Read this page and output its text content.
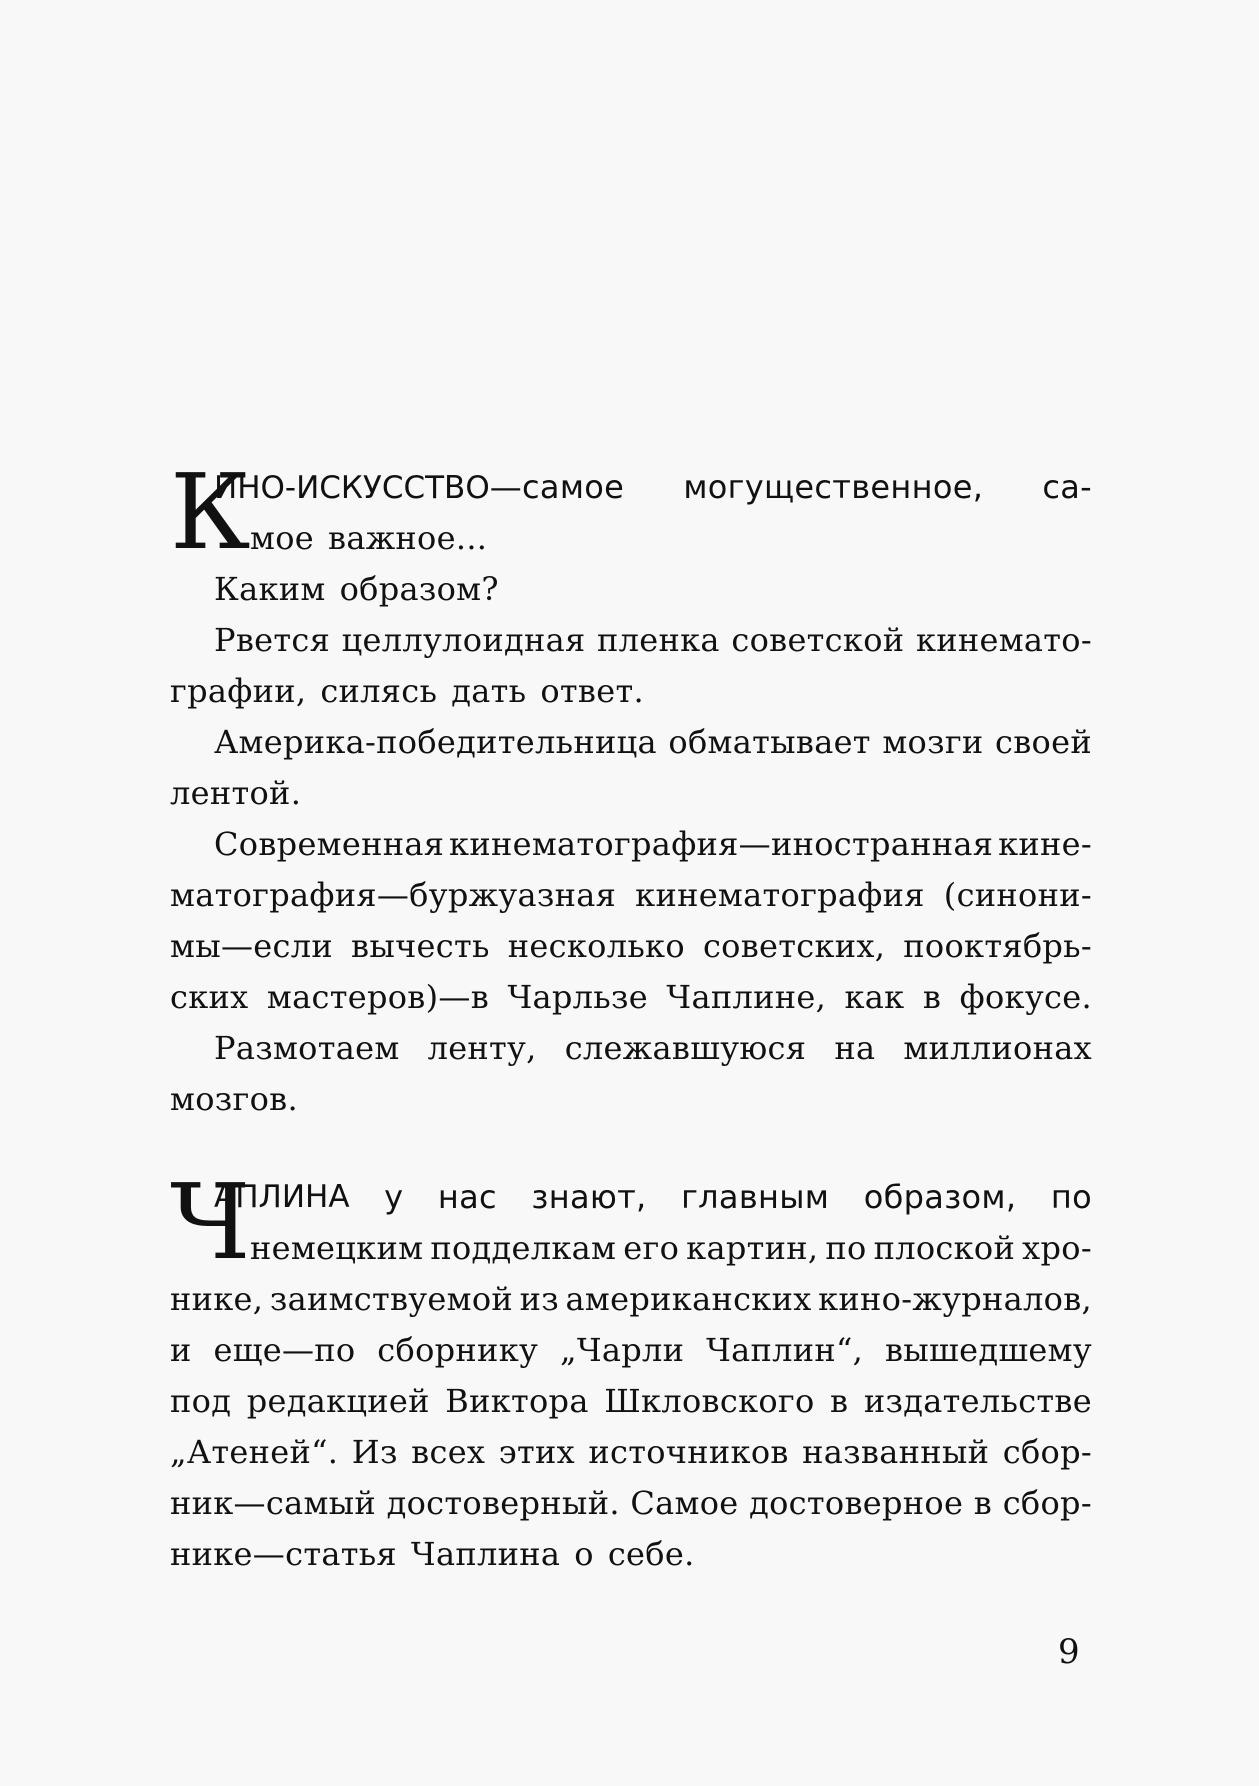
К
ИНО-ИСКУССТВО—самое могущественное, са-
мое важное...
Каким образом?
Рвется целлулоидная пленка советской кинемато-
графии, силясь дать ответ.
Америка-победительница обматывает мозги своей
лентой.
Современная кинематография—иностранная кине-
матография—буржуазная кинематография (синони-
мы—если вычесть несколько советских, пооктябрь-
ских мастеров)—в Чарльзе Чаплине, как в фокусе.
Размотаем ленту, слежавшуюся на миллионах
мозгов.
Ч
АПЛИНА у нас знают, главным образом, по
немецким подделкам его картин, по плоской хро-
нике, заимствуемой из американских кино-журналов,
и еще—по сборнику „Чарли Чаплин“, вышедшему
под редакцией Виктора Шкловского в издательстве
„Атеней“. Из всех этих источников названный сбор-
ник—самый достоверный. Самое достоверное в сбор-
нике—статья Чаплина о себе.
9
